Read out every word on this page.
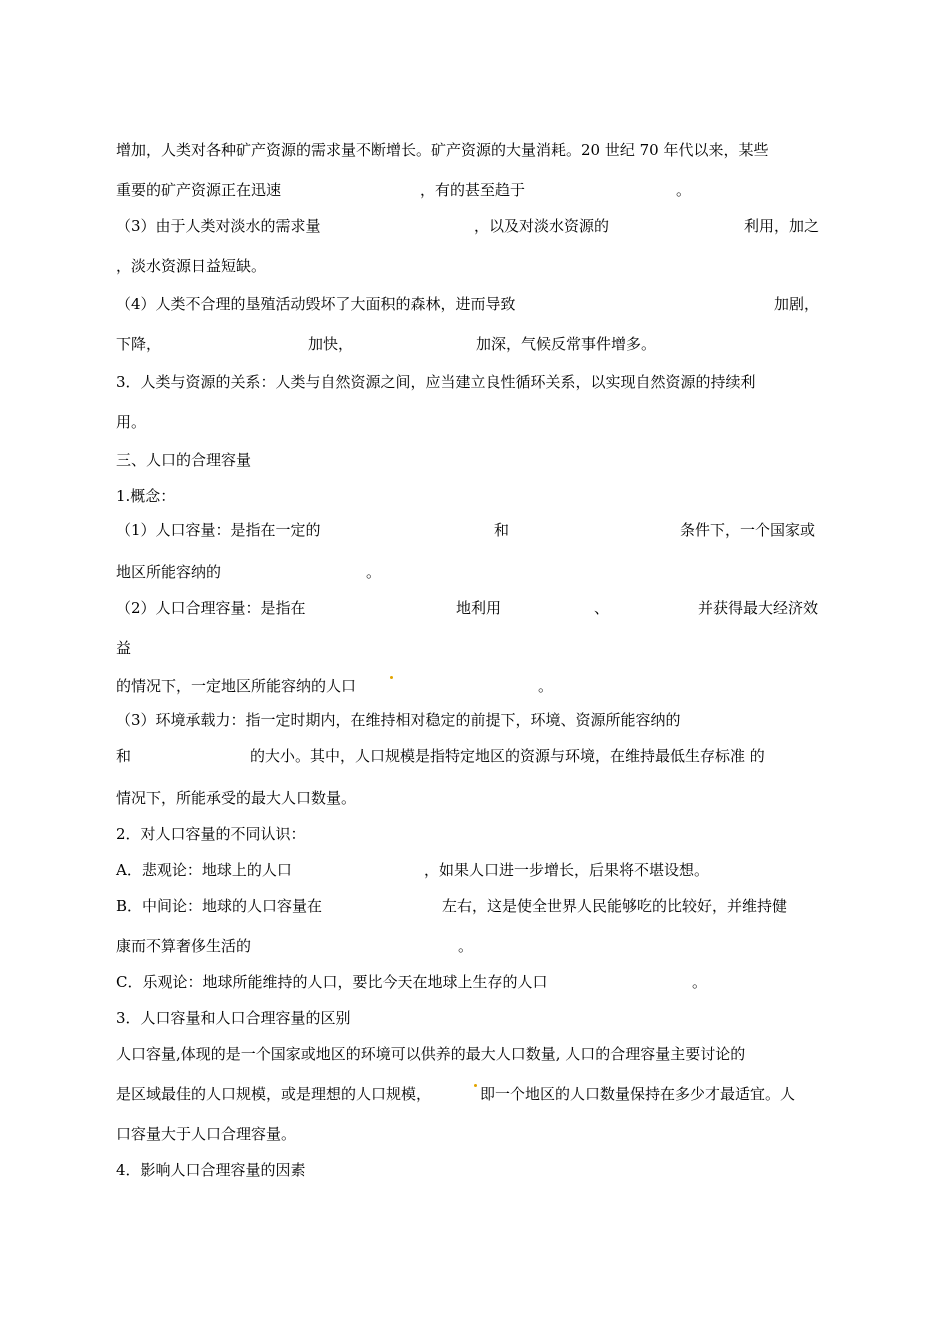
增加，人类对各种矿产资源的需求量不断增长。矿产资源的大量消耗。20 世纪 70 年代以来，某些
重要的矿产资源正在迅速	，有的甚至趋于	。
（3）由于人类对淡水的需求量	，以及对淡水资源的	利用，加之
，淡水资源日益短缺。
（4）人类不合理的垦殖活动毁坏了大面积的森林，进而导致	加剧，
下降，	加快，	加深，气候反常事件增多。
3．人类与资源的关系：人类与自然资源之间，应当建立良性循环关系，以实现自然资源的持续利
用。
三、人口的合理容量
1.概念：
（1）人口容量：是指在一定的	和	条件下，一个国家或
地区所能容纳的	。
（2）人口合理容量：是指在	地利用	、	并获得最大经济效
益
的情况下，一定地区所能容纳的人口	。
（3）环境承载力：指一定时期内，在维持相对稳定的前提下，环境、资源所能容纳的
和	的大小。其中，人口规模是指特定地区的资源与环境，在维持最低生存标准 的
情况下，所能承受的最大人口数量。
2．对人口容量的不同认识：
A．悲观论：地球上的人口	，如果人口进一步增长，后果将不堪设想。
B．中间论：地球的人口容量在	左右，这是使全世界人民能够吃的比较好，并维持健
康而不算奢侈生活的	。
C．乐观论：地球所能维持的人口，要比今天在地球上生存的人口	。
3．人口容量和人口合理容量的区别
人口容量,体现的是一个国家或地区的环境可以供养的最大人口数量, 人口的合理容量主要讨论的
是区域最佳的人口规模，或是理想的人口规模，	即一个地区的人口数量保持在多少才最适宜。人
口容量大于人口合理容量。
4．影响人口合理容量的因素
